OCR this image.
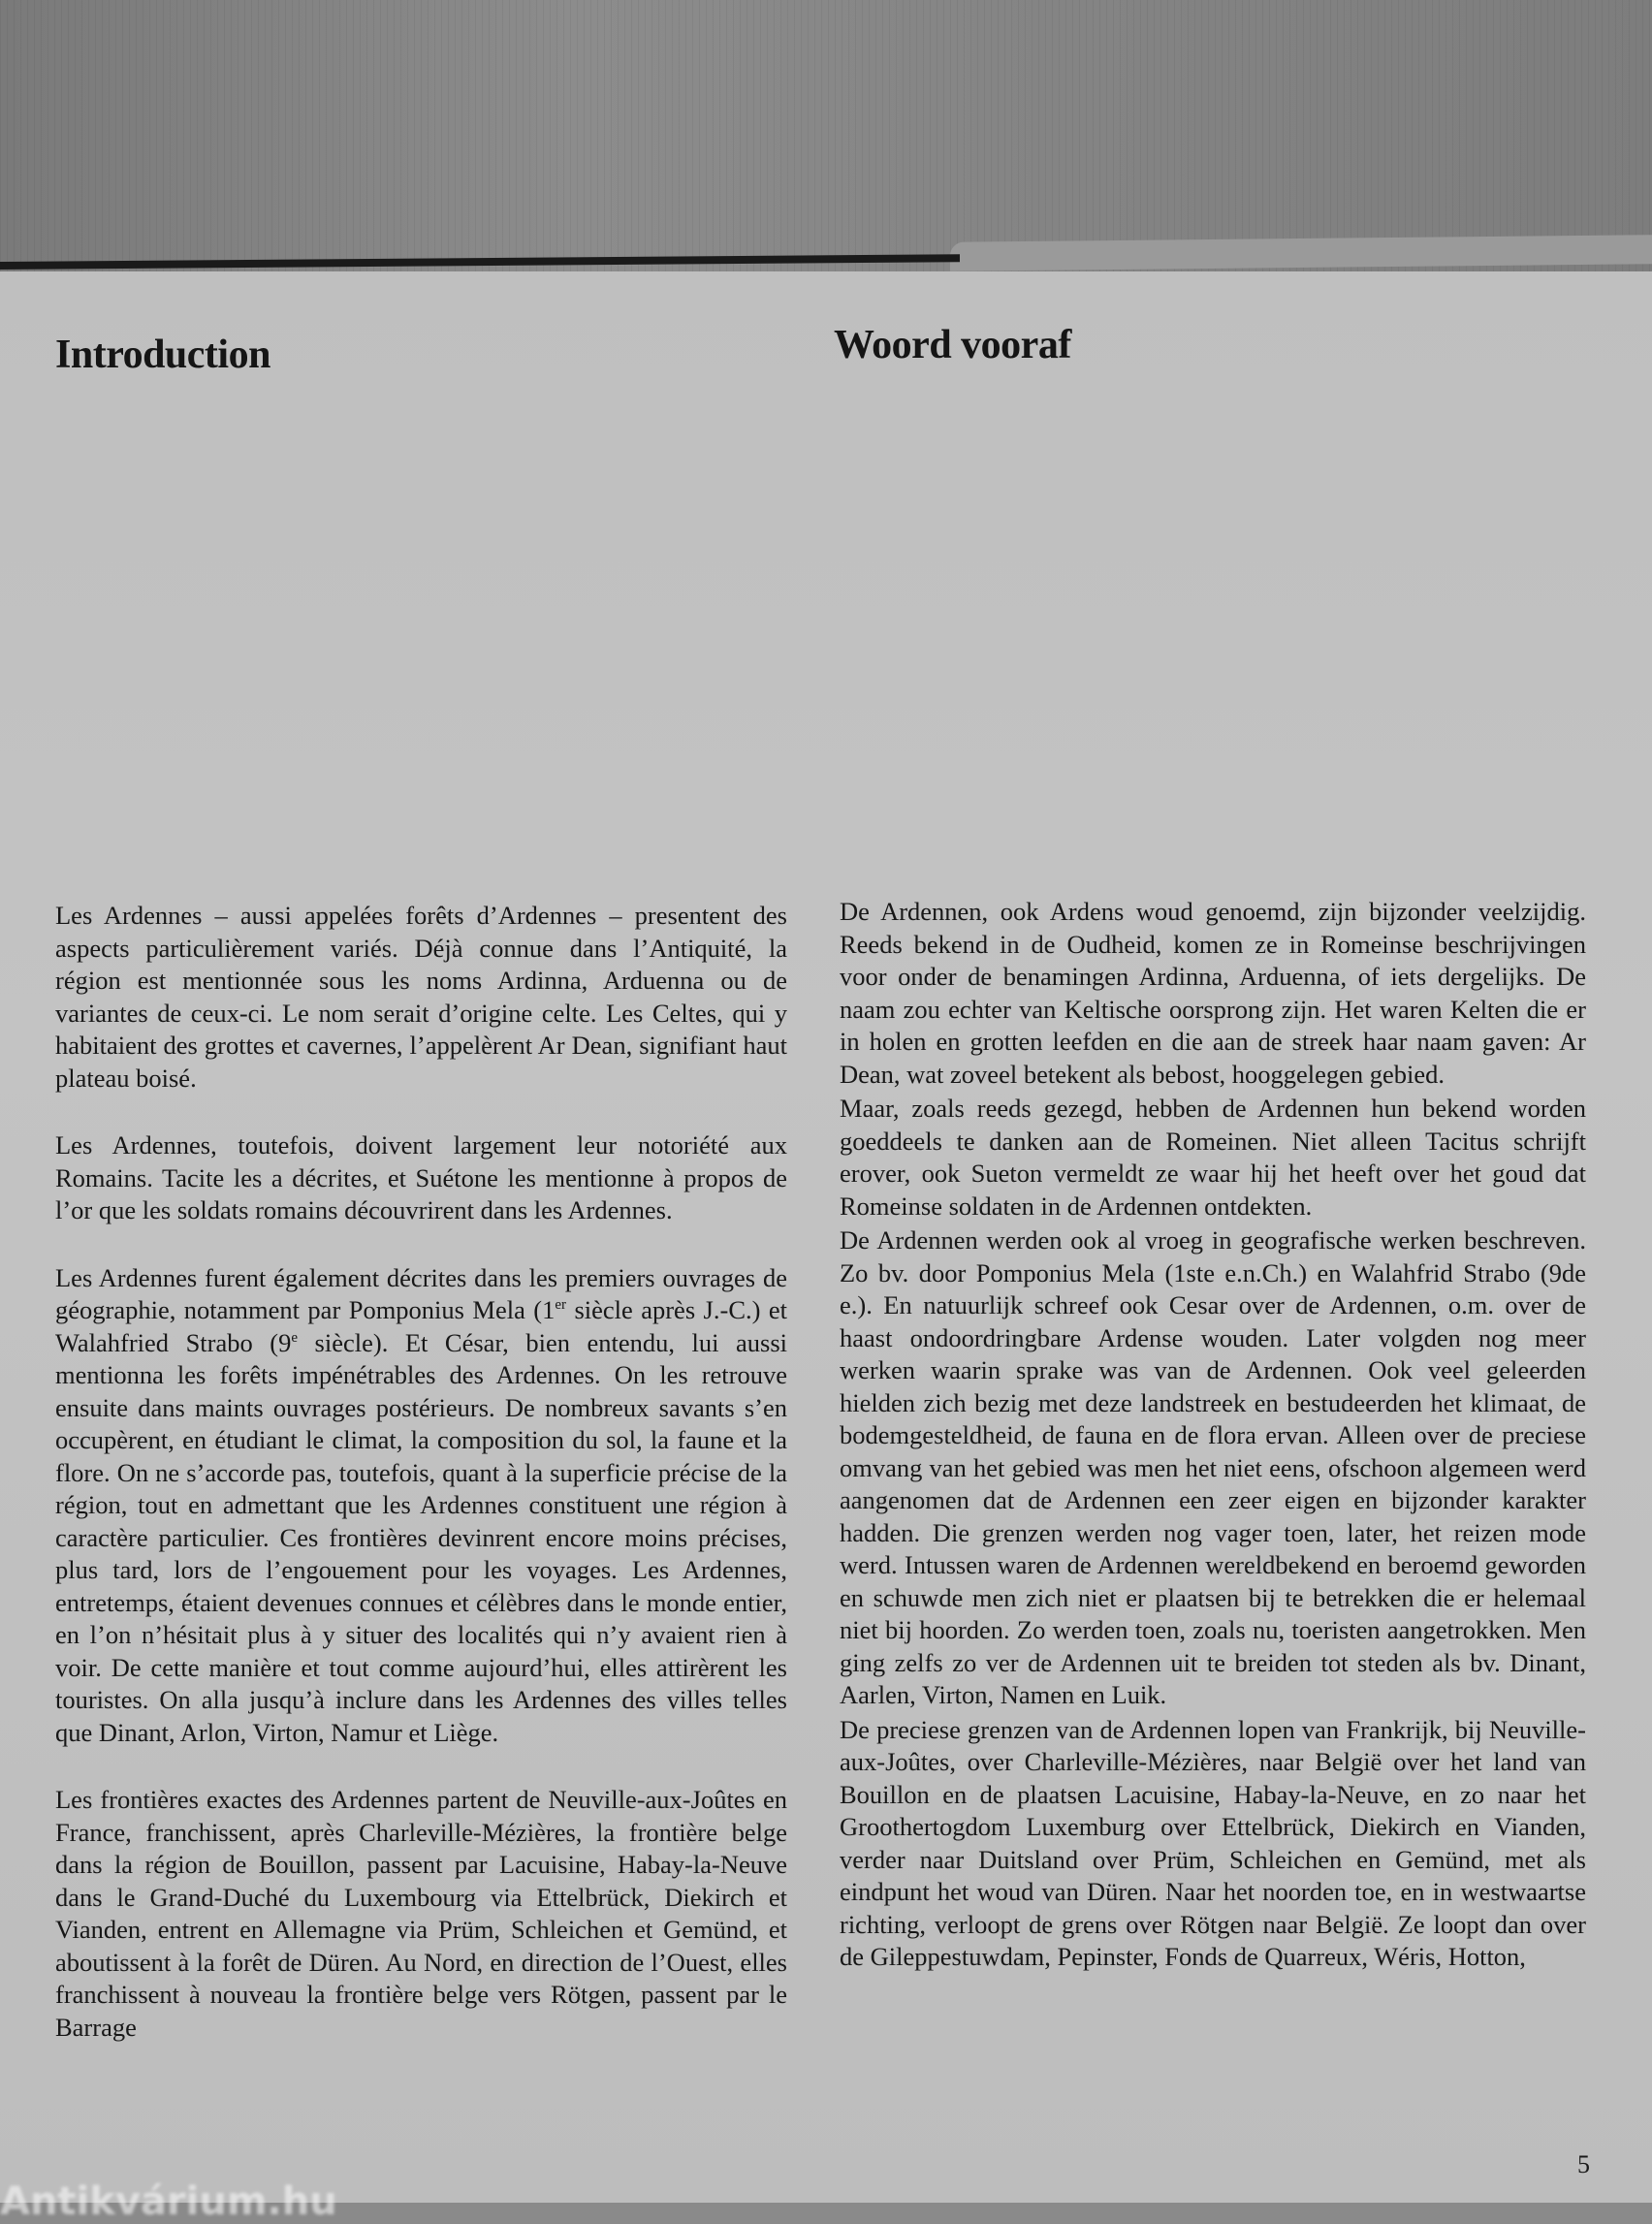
Introduction	Woord vooraf

Les Ardennes – aussi appelées forêts d’Ardennes – presentent des aspects particulièrement variés. Déjà connue dans l’Antiquité, la région est mentionnée sous les noms Ardinna, Arduenna ou de variantes de ceux-ci. Le nom serait d’origine celte. Les Celtes, qui y habitaient des grottes et cavernes, l’appelèrent Ar Dean, signifiant haut plateau boisé.

Les Ardennes, toutefois, doivent largement leur notoriété aux Romains. Tacite les a décrites, et Suétone les mentionne à propos de l’or que les soldats romains découvrirent dans les Ardennes.

Les Ardennes furent également décrites dans les premiers ouvrages de géographie, notamment par Pomponius Mela (1er siècle après J.-C.) et Walahfried Strabo (9e siècle). Et César, bien entendu, lui aussi mentionna les forêts impénétrables des Ardennes. On les retrouve ensuite dans maints ouvrages postérieurs. De nombreux savants s’en occupèrent, en étudiant le climat, la composition du sol, la faune et la flore. On ne s’accorde pas, toutefois, quant à la superficie précise de la région, tout en admettant que les Ardennes constituent une région à caractère particulier. Ces frontières devinrent encore moins précises, plus tard, lors de l’engouement pour les voyages. Les Ardennes, entretemps, étaient devenues connues et célèbres dans le monde entier, en l’on n’hésitait plus à y situer des localités qui n’y avaient rien à voir. De cette manière et tout comme aujourd’hui, elles attirèrent les touristes. On alla jusqu’à inclure dans les Ardennes des villes telles que Dinant, Arlon, Virton, Namur et Liège.

Les frontières exactes des Ardennes partent de Neuville-aux-Joûtes en France, franchissent, après Charleville-Mézières, la frontière belge dans la région de Bouillon, passent par Lacuisine, Habay-la-Neuve dans le Grand-Duché du Luxembourg via Ettelbrück, Diekirch et Vianden, entrent en Allemagne via Prüm, Schleichen et Gemünd, et aboutissent à la forêt de Düren. Au Nord, en direction de l’Ouest, elles franchissent à nouveau la frontière belge vers Rötgen, passent par le Barrage

De Ardennen, ook Ardens woud genoemd, zijn bijzonder veelzijdig. Reeds bekend in de Oudheid, komen ze in Romeinse beschrijvingen voor onder de benamingen Ardinna, Arduenna, of iets dergelijks. De naam zou echter van Keltische oorsprong zijn. Het waren Kelten die er in holen en grotten leefden en die aan de streek haar naam gaven: Ar Dean, wat zoveel betekent als bebost, hooggelegen gebied.

Maar, zoals reeds gezegd, hebben de Ardennen hun bekend worden goeddeels te danken aan de Romeinen. Niet alleen Tacitus schrijft erover, ook Sueton vermeldt ze waar hij het heeft over het goud dat Romeinse soldaten in de Ardennen ontdekten.

De Ardennen werden ook al vroeg in geografische werken beschreven. Zo bv. door Pomponius Mela (1ste e.n.Ch.) en Walahfrid Strabo (9de e.). En natuurlijk schreef ook Cesar over de Ardennen, o.m. over de haast ondoordringbare Ardense wouden. Later volgden nog meer werken waarin sprake was van de Ardennen. Ook veel geleerden hielden zich bezig met deze landstreek en bestudeerden het klimaat, de bodemgesteldheid, de fauna en de flora ervan. Alleen over de preciese omvang van het gebied was men het niet eens, ofschoon algemeen werd aangenomen dat de Ardennen een zeer eigen en bijzonder karakter hadden. Die grenzen werden nog vager toen, later, het reizen mode werd. Intussen waren de Ardennen wereldbekend en beroemd geworden en schuwde men zich niet er plaatsen bij te betrekken die er helemaal niet bij hoorden. Zo werden toen, zoals nu, toeristen aangetrokken. Men ging zelfs zo ver de Ardennen uit te breiden tot steden als bv. Dinant, Aarlen, Virton, Namen en Luik.

De preciese grenzen van de Ardennen lopen van Frankrijk, bij Neuville-aux-Joûtes, over Charleville-Mézières, naar België over het land van Bouillon en de plaatsen Lacuisine, Habay-la-Neuve, en zo naar het Groothertogdom Luxemburg over Ettelbrück, Diekirch en Vianden, verder naar Duitsland over Prüm, Schleichen en Gemünd, met als eindpunt het woud van Düren. Naar het noorden toe, en in westwaartse richting, verloopt de grens over Rötgen naar België. Ze loopt dan over de Gileppestuwdam, Pepinster, Fonds de Quarreux, Wéris, Hotton,

5
Antikvárium.hu
